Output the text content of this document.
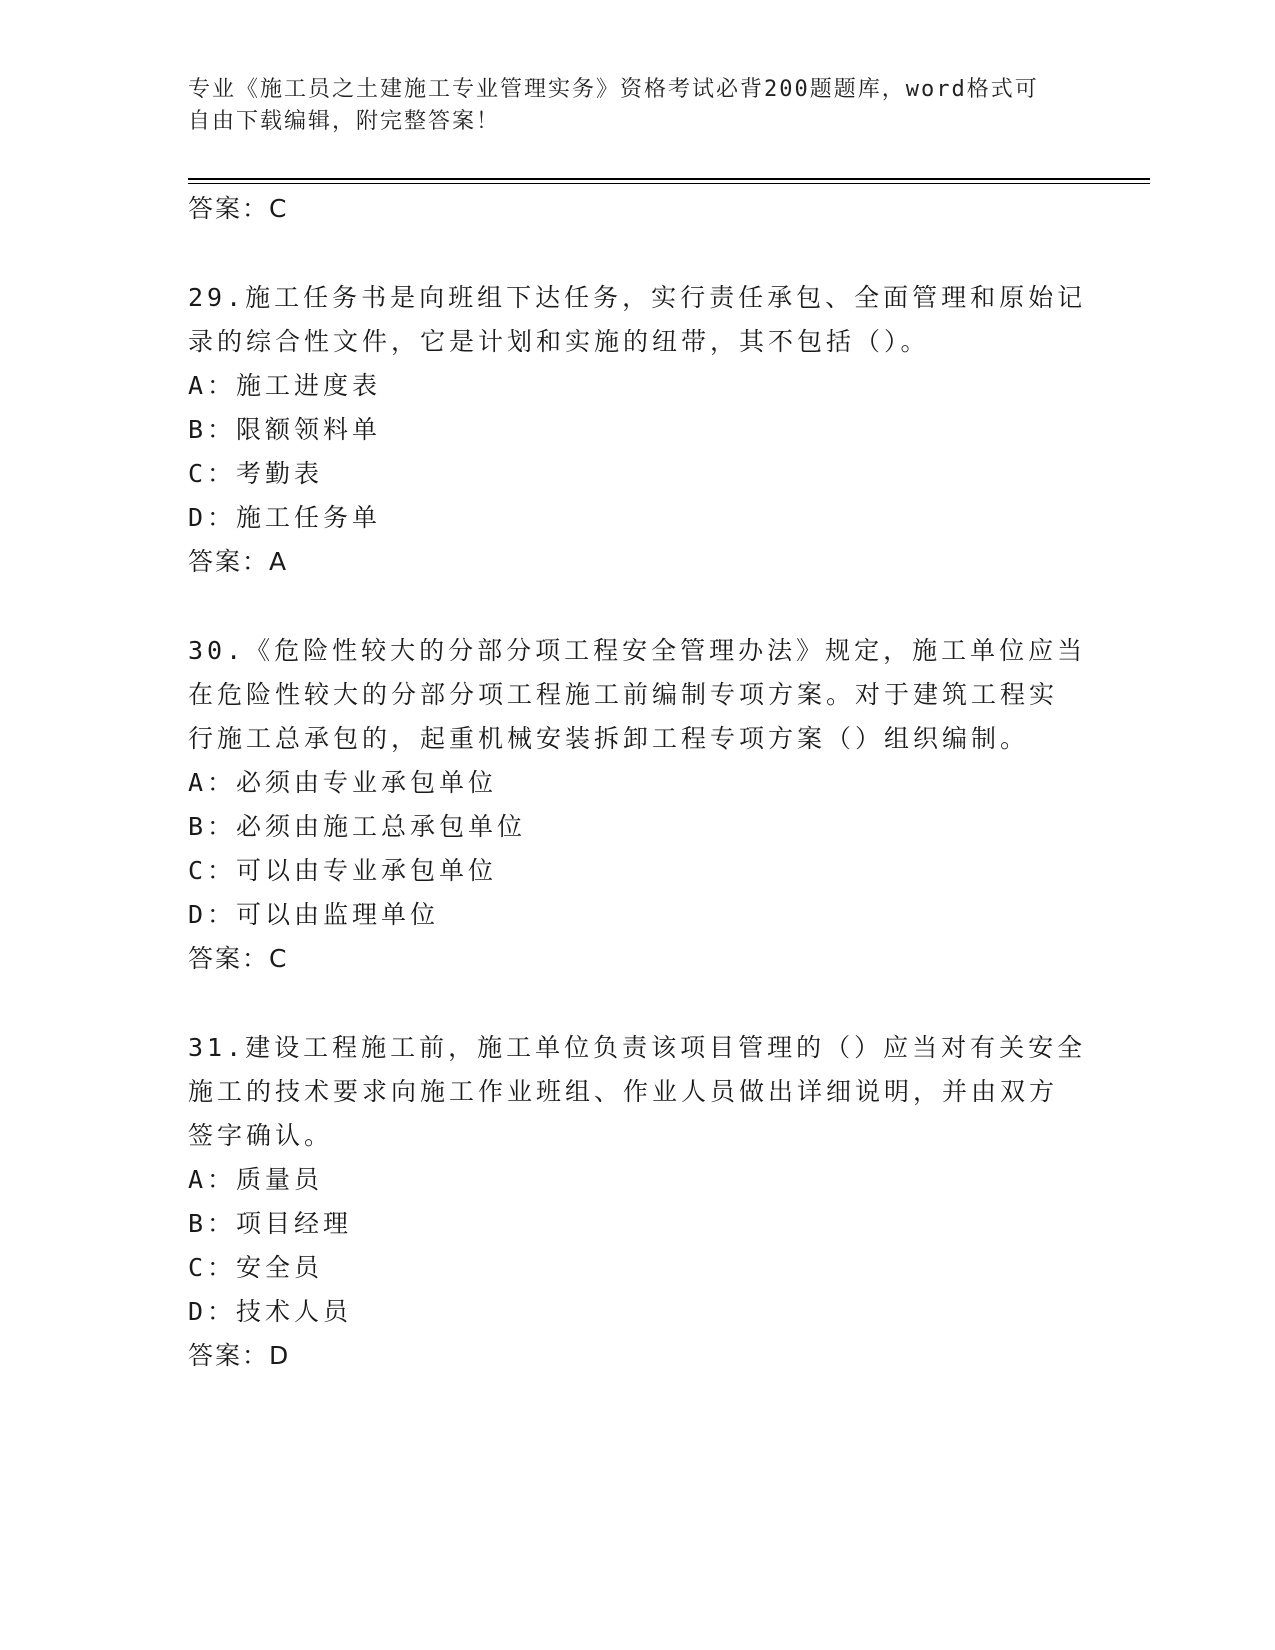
专业《施工员之土建施工专业管理实务》资格考试必背200题题库，word格式可
自由下载编辑，附完整答案！
答案：C
29.施工任务书是向班组下达任务，实行责任承包、全面管理和原始记
录的综合性文件，它是计划和实施的纽带，其不包括（）。
A：施工进度表
B：限额领料单
C：考勤表
D：施工任务单
答案：A
30.《危险性较大的分部分项工程安全管理办法》规定，施工单位应当
在危险性较大的分部分项工程施工前编制专项方案。对于建筑工程实
行施工总承包的，起重机械安装拆卸工程专项方案（）组织编制。
A：必须由专业承包单位
B：必须由施工总承包单位
C：可以由专业承包单位
D：可以由监理单位
答案：C
31.建设工程施工前，施工单位负责该项目管理的（）应当对有关安全
施工的技术要求向施工作业班组、作业人员做出详细说明，并由双方
签字确认。
A：质量员
B：项目经理
C：安全员
D：技术人员
答案：D
